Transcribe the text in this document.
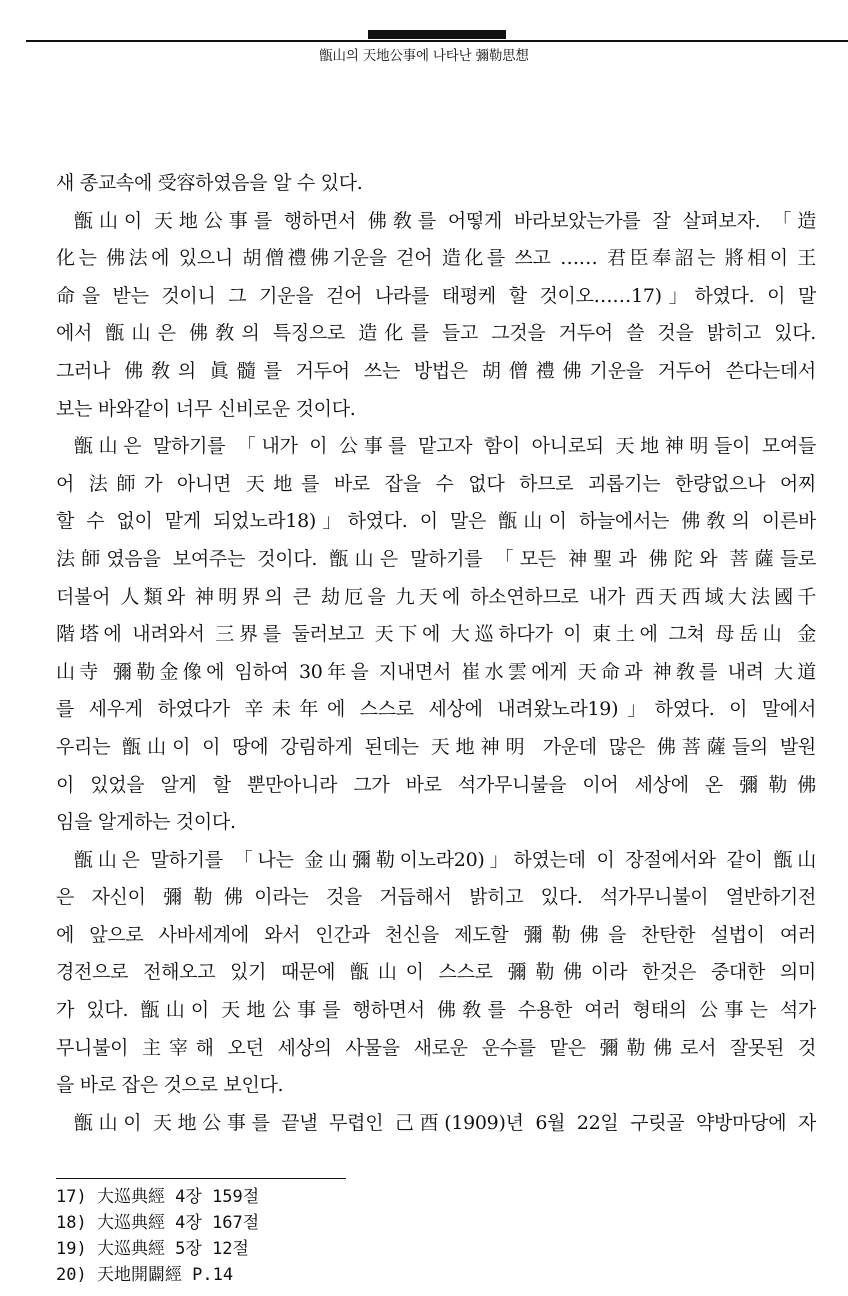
甑山의 天地公事에 나타난 彌勒思想
새 종교속에 受容하였음을 알 수 있다.
甑山이 天地公事를 행하면서 佛敎를 어떻게 바라보았는가를 잘 살펴보자. 「造
化는 佛法에 있으니 胡僧禮佛기운을 걷어 造化를 쓰고 …… 君臣奉詔는 將相이 王
命을 받는 것이니 그 기운을 걷어 나라를 태평케 할 것이오……17)」하였다. 이 말
에서 甑山은 佛敎의 특징으로 造化를 들고 그것을 거두어 쓸 것을 밝히고 있다.
그러나 佛敎의 眞髓를 거두어 쓰는 방법은 胡僧禮佛기운을 거두어 쓴다는데서
보는 바와같이 너무 신비로운 것이다.
甑山은 말하기를 「내가 이 公事를 맡고자 함이 아니로되 天地神明들이 모여들
어 法師가 아니면 天地를 바로 잡을 수 없다 하므로 괴롭기는 한량없으나 어찌
할 수 없이 맡게 되었노라18)」하였다. 이 말은 甑山이 하늘에서는 佛敎의 이른바
法師였음을 보여주는 것이다. 甑山은 말하기를 「모든 神聖과 佛陀와 菩薩들로
더불어 人類와 神明界의 큰 劫厄을 九天에 하소연하므로 내가 西天西域大法國千
階塔에 내려와서 三界를 둘러보고 天下에 大巡하다가 이 東土에 그쳐 母岳山 金
山寺 彌勒金像에 임하여 30年을 지내면서 崔水雲에게 天命과 神敎를 내려 大道
를 세우게 하였다가 辛未年에 스스로 세상에 내려왔노라19)」하였다. 이 말에서
우리는 甑山이 이 땅에 강림하게 된데는 天地神明 가운데 많은 佛菩薩들의 발원
이 있었을 알게 할 뿐만아니라 그가 바로 석가무니불을 이어 세상에 온 彌勒佛
임을 알게하는 것이다.
甑山은 말하기를 「나는 金山彌勒이노라20)」하였는데 이 장절에서와 같이 甑山
은 자신이 彌勒佛이라는 것을 거듭해서 밝히고 있다. 석가무니불이 열반하기전
에 앞으로 사바세계에 와서 인간과 천신을 제도할 彌勒佛을 찬탄한 설법이 여러
경전으로 전해오고 있기 때문에 甑山이 스스로 彌勒佛이라 한것은 중대한 의미
가 있다. 甑山이 天地公事를 행하면서 佛敎를 수용한 여러 형태의 公事는 석가
무니불이 主宰해 오던 세상의 사물을 새로운 운수를 맡은 彌勒佛로서 잘못된 것
을 바로 잡은 것으로 보인다.
甑山이 天地公事를 끝낼 무렵인 己酉(1909)년 6월 22일 구릿골 약방마당에 자
17) 大巡典經 4장 159절
18) 大巡典經 4장 167절
19) 大巡典經 5장 12절
20) 天地開闢經 P.14
